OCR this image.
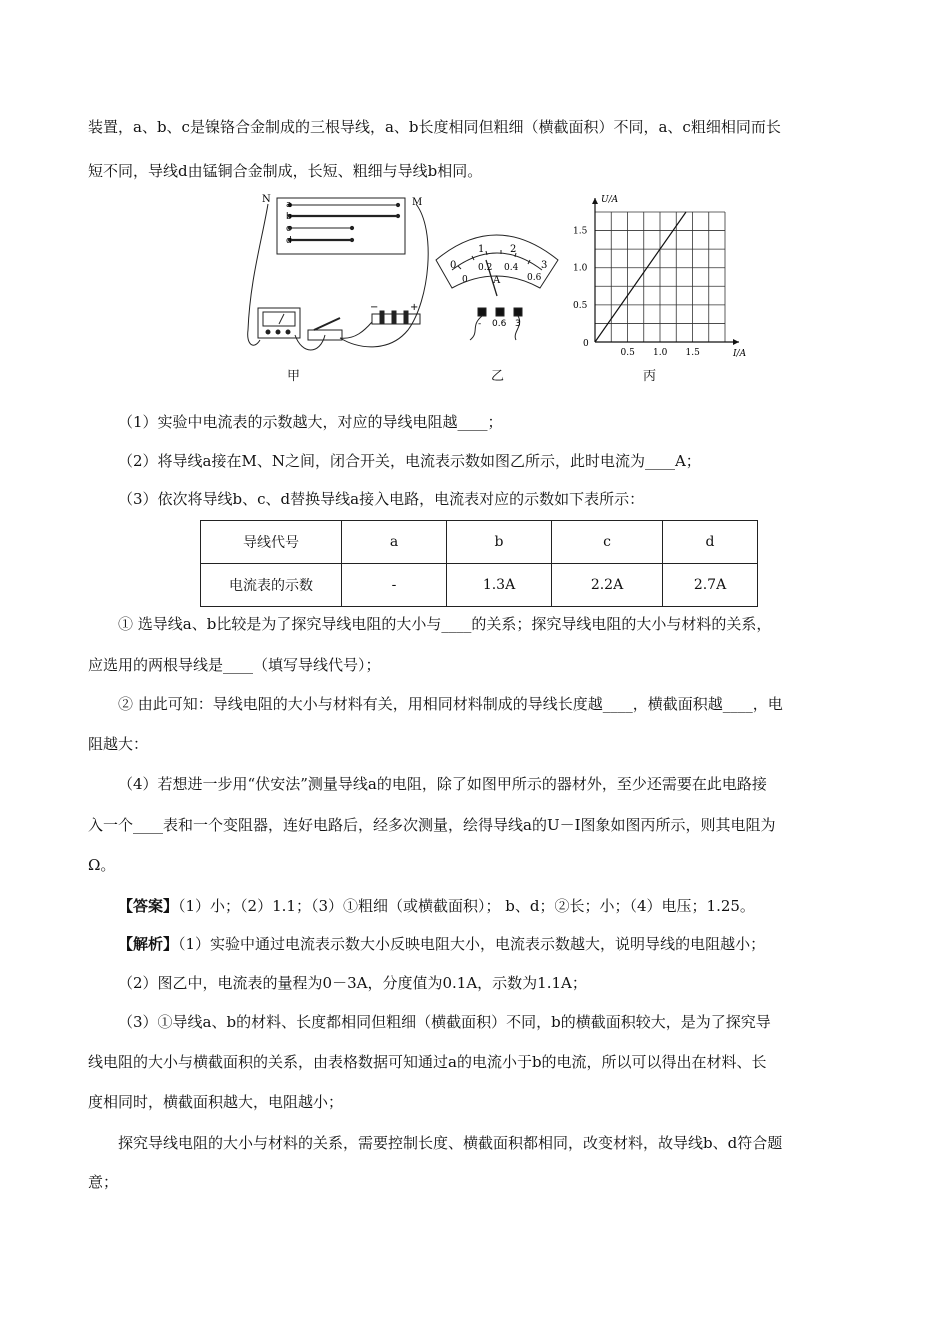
装置，a、b、c是镍铬合金制成的三根导线，a、b长度相同但粗细（横截面积）不同，a、c粗细相同而长
短不同，导线d由锰铜合金制成，长短、粗细与导线b相同。
a
b
c
d
N	M
−	+
0
1	2
3
0
0.2 0.4
0.6
A
- 0.6 3
0.5 1.0 1.5
0.5
1.0
1.5
0
I/A
U/A
甲	乙	丙
（1）实验中电流表的示数越大，对应的导线电阻越____；
（2）将导线a接在M、N之间，闭合开关，电流表示数如图乙所示，此时电流为____A；
（3）依次将导线b、c、d替换导线a接入电路，电流表对应的示数如下表所示：
导线代号	a	b	c	d
电流表的示数	-	1.3A	2.2A	2.7A
① 选导线a、b比较是为了探究导线电阻的大小与____的关系；探究导线电阻的大小与材料的关系，
应选用的两根导线是____（填写导线代号）；
② 由此可知：导线电阻的大小与材料有关，用相同材料制成的导线长度越____，横截面积越____，电
阻越大：
（4）若想进一步用“伏安法”测量导线a的电阻，除了如图甲所示的器材外，至少还需要在此电路接
入一个____表和一个变阻器，连好电路后，经多次测量，绘得导线a的U－I图象如图丙所示，则其电阻为
Ω。
【答案】（1）小；（2）1.1；（3）①粗细（或横截面积）； b、d；②长；小；（4）电压；1.25。
【解析】（1）实验中通过电流表示数大小反映电阻大小，电流表示数越大，说明导线的电阻越小；
（2）图乙中，电流表的量程为0－3A，分度值为0.1A，示数为1.1A；
（3）①导线a、b的材料、长度都相同但粗细（横截面积）不同，b的横截面积较大，是为了探究导
线电阻的大小与横截面积的关系，由表格数据可知通过a的电流小于b的电流，所以可以得出在材料、长
度相同时，横截面积越大，电阻越小；
探究导线电阻的大小与材料的关系，需要控制长度、横截面积都相同，改变材料，故导线b、d符合题
意；
